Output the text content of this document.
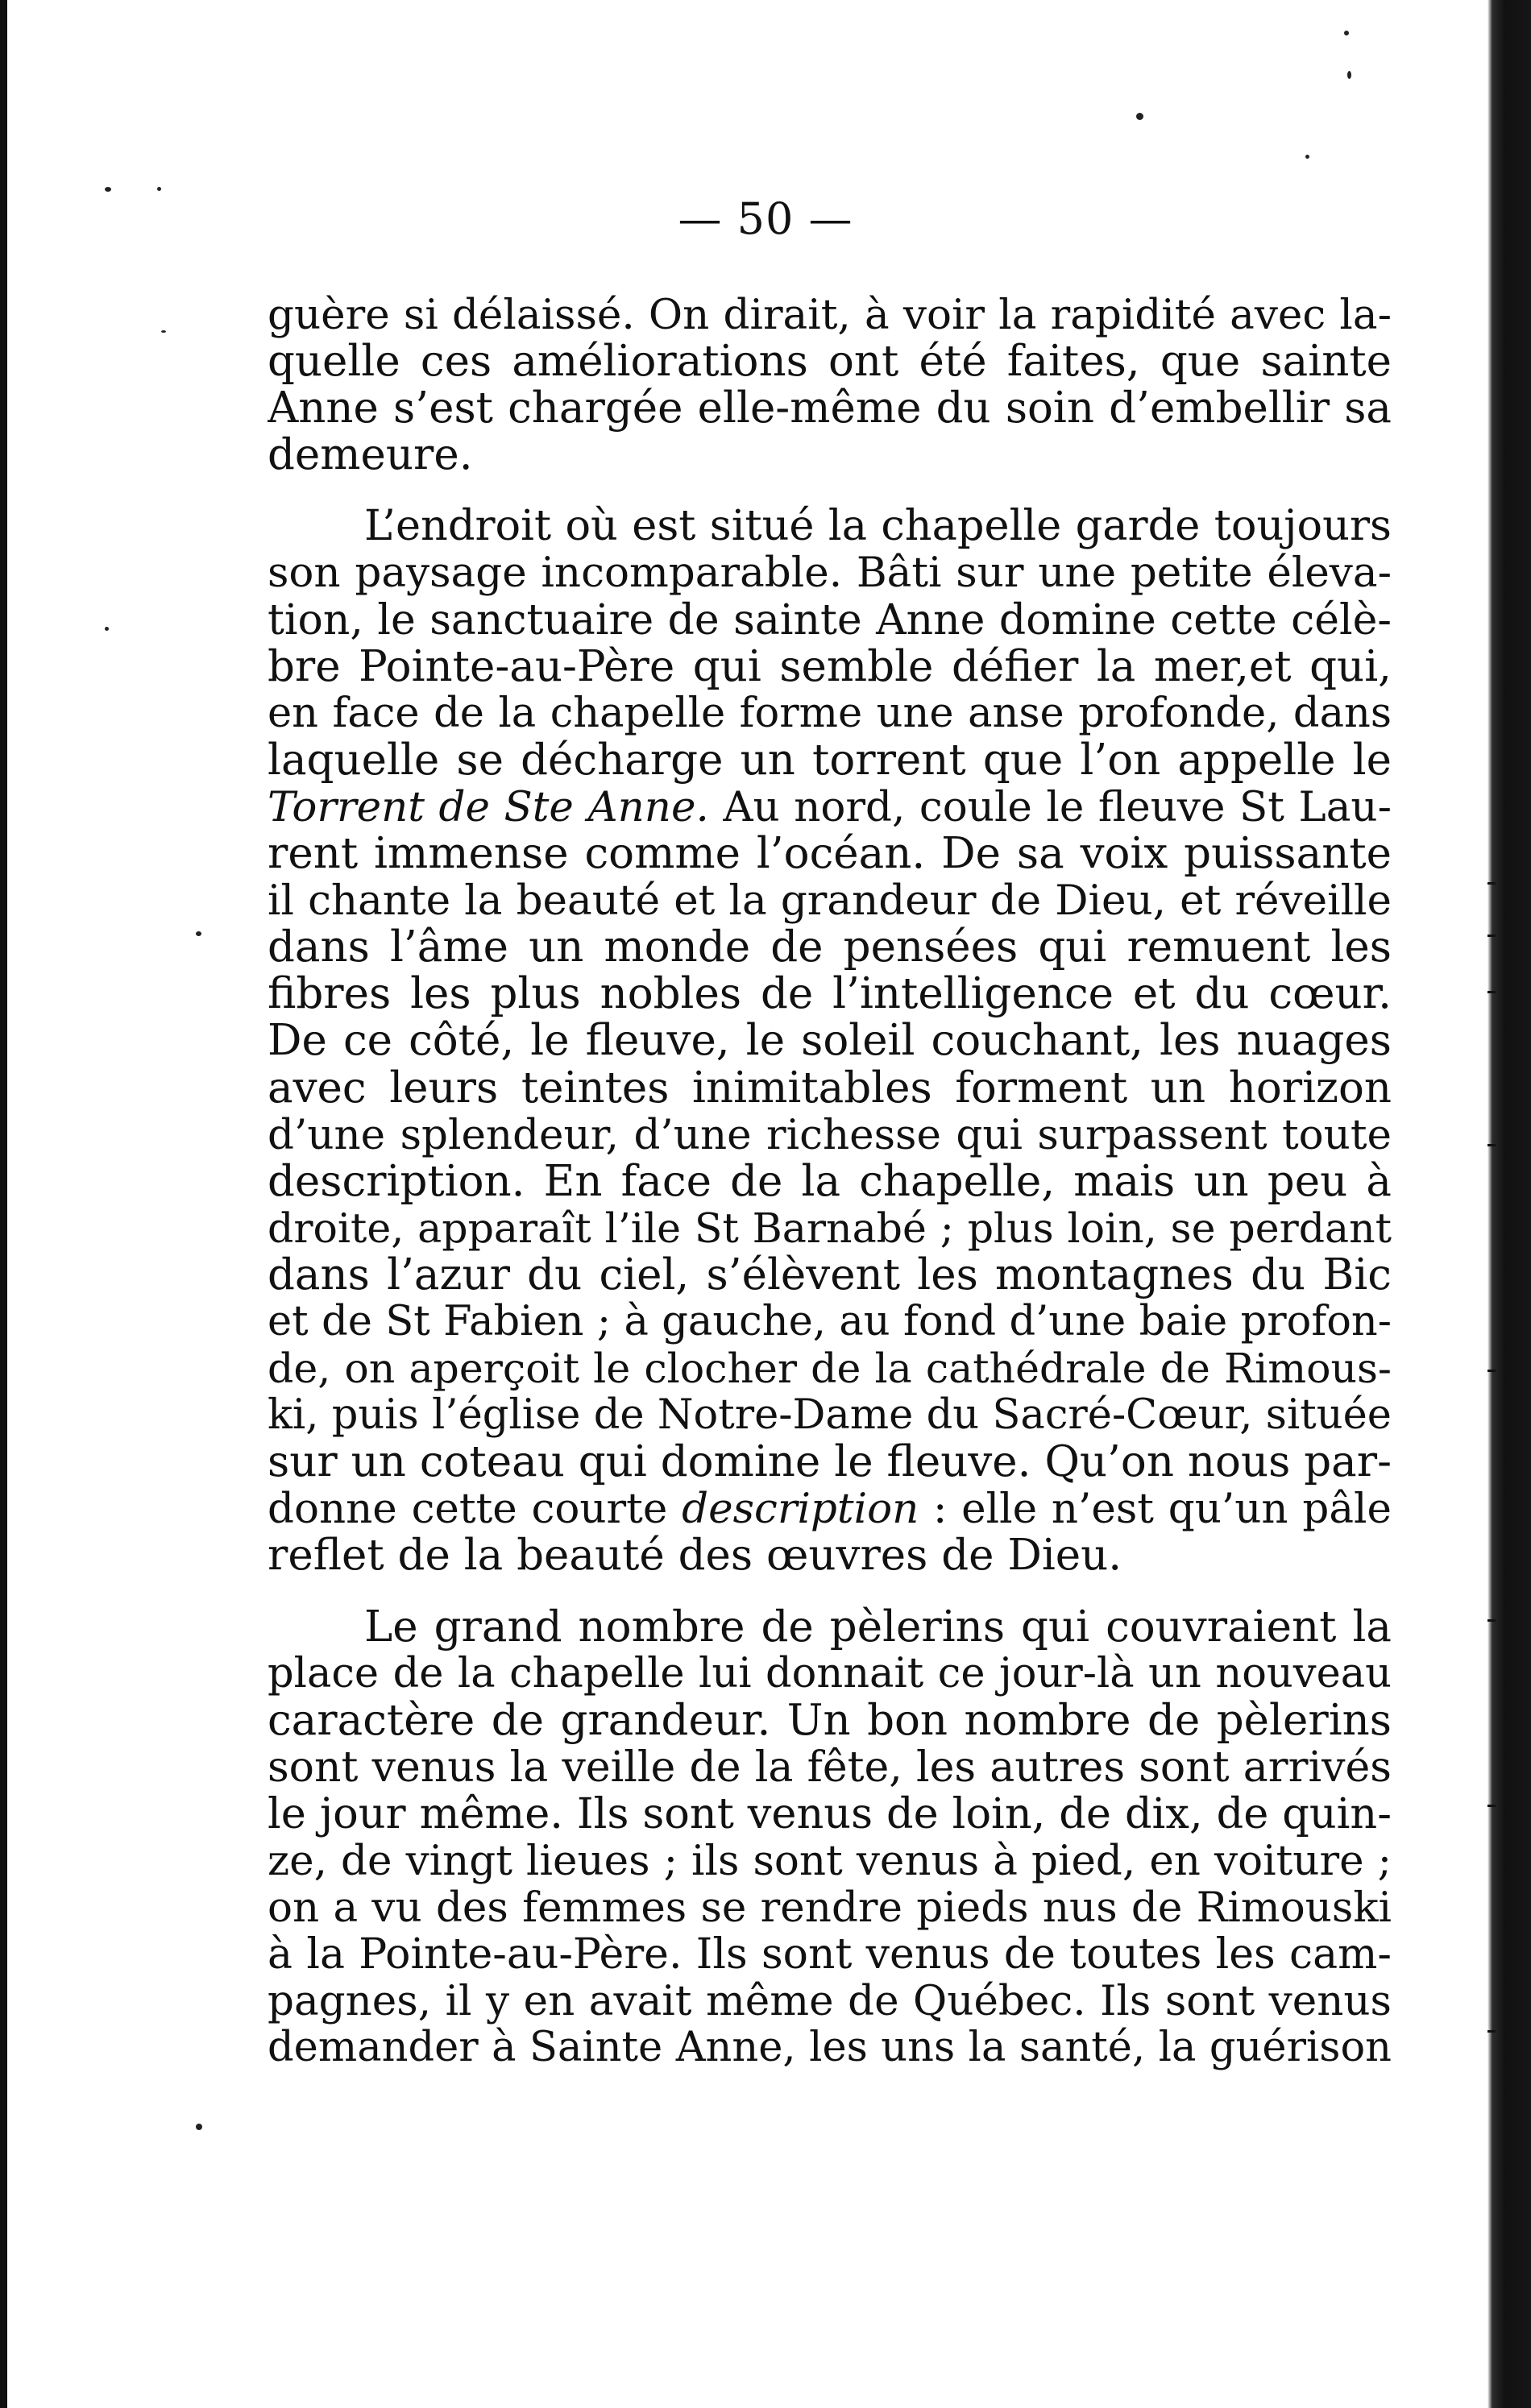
— 50 —

guère si délaissé. On dirait, à voir la rapidité avec la-
quelle ces améliorations ont été faites, que sainte
Anne s’est chargée elle-même du soin d’embellir sa
demeure.

L’endroit où est situé la chapelle garde toujours
son paysage incomparable. Bâti sur une petite éleva-
tion, le sanctuaire de sainte Anne domine cette célè-
bre Pointe-au-Père qui semble défier la mer,et qui,
en face de la chapelle forme une anse profonde, dans
laquelle se décharge un torrent que l’on appelle le
Torrent de Ste Anne. Au nord, coule le fleuve St Lau-
rent immense comme l’océan. De sa voix puissante
il chante la beauté et la grandeur de Dieu, et réveille
dans l’âme un monde de pensées qui remuent les
fibres les plus nobles de l’intelligence et du cœur.
De ce côté, le fleuve, le soleil couchant, les nuages
avec leurs teintes inimitables forment un horizon
d’une splendeur, d’une richesse qui surpassent toute
description. En face de la chapelle, mais un peu à
droite, apparaît l’ile St Barnabé ; plus loin, se perdant
dans l’azur du ciel, s’élèvent les montagnes du Bic
et de St Fabien ; à gauche, au fond d’une baie profon-
de, on aperçoit le clocher de la cathédrale de Rimous-
ki, puis l’église de Notre-Dame du Sacré-Cœur, située
sur un coteau qui domine le fleuve. Qu’on nous par-
donne cette courte description : elle n’est qu’un pâle
reflet de la beauté des œuvres de Dieu.

Le grand nombre de pèlerins qui couvraient la
place de la chapelle lui donnait ce jour-là un nouveau
caractère de grandeur. Un bon nombre de pèlerins
sont venus la veille de la fête, les autres sont arrivés
le jour même. Ils sont venus de loin, de dix, de quin-
ze, de vingt lieues ; ils sont venus à pied, en voiture ;
on a vu des femmes se rendre pieds nus de Rimouski
à la Pointe-au-Père. Ils sont venus de toutes les cam-
pagnes, il y en avait même de Québec. Ils sont venus
demander à Sainte Anne, les uns la santé, la guérison
